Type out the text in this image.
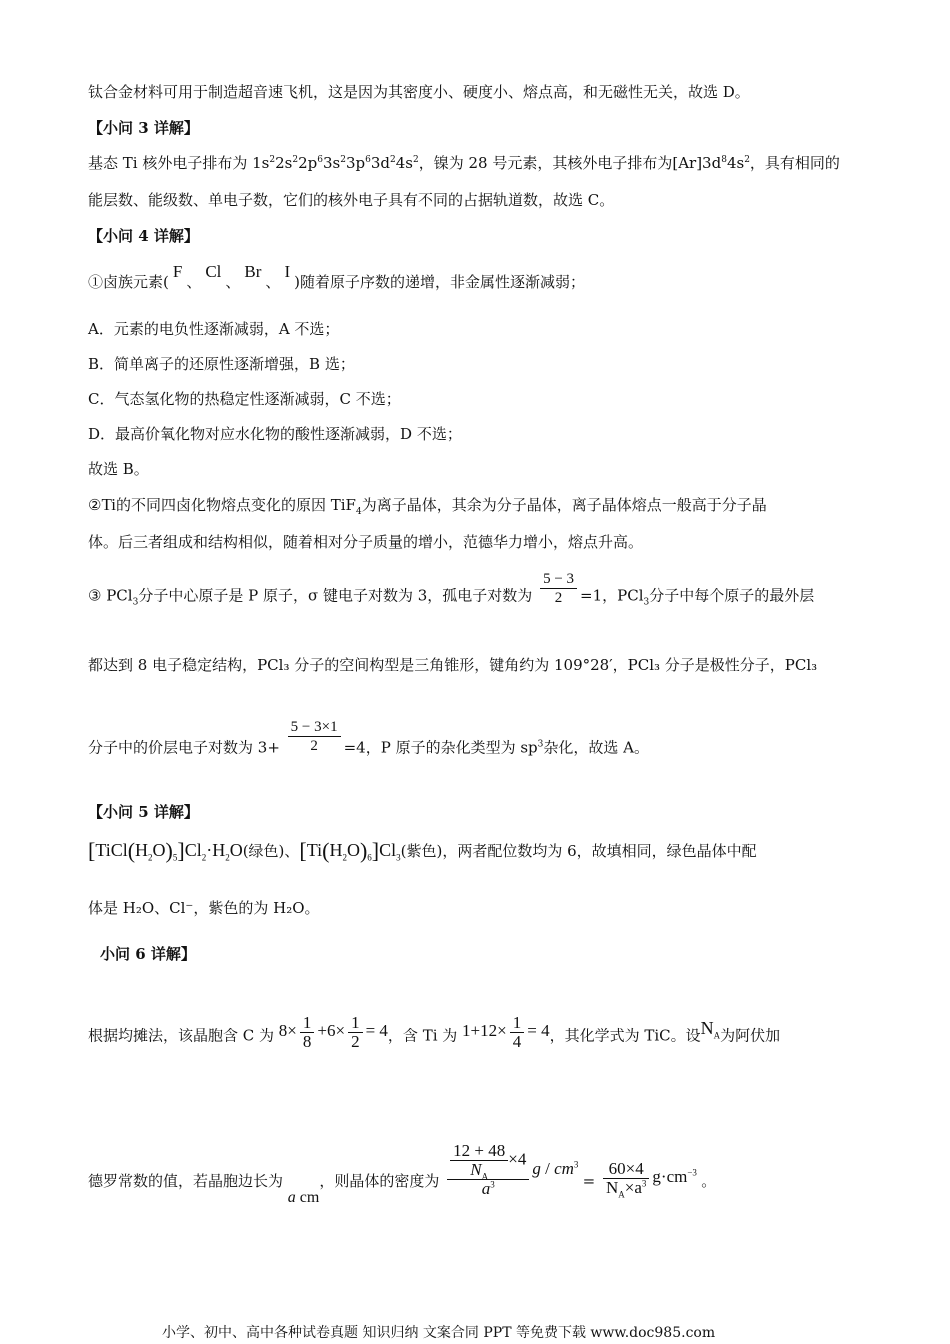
钛合金材料可用于制造超音速飞机，这是因为其密度小、硬度小、熔点高，和无磁性无关，故选 D。
【小问 3 详解】
基态 Ti 核外电子排布为 $1s^22s^22p^63s^23p^63d^24s^2$，镍为 28 号元素，其核外电子排布为$[Ar]3d^84s^2$，具有相同的
能层数、能级数、单电子数，它们的核外电子具有不同的占据轨道数，故选 C。
【小问 4 详解】
①卤族元素(F、Cl、Br、I)随着原子序数的递增，非金属性逐渐减弱；
A．元素的电负性逐渐减弱，A 不选；
B．简单离子的还原性逐渐增强，B 选；
C．气态氢化物的热稳定性逐渐减弱，C 不选；
D．最高价氧化物对应水化物的酸性逐渐减弱，D 不选；
故选 B。
②Ti的不同四卤化物熔点变化的原因 TiF$_4$为离子晶体，其余为分子晶体，离子晶体熔点一般高于分子晶
体。后三者组成和结构相似，随着相对分子质量的增小，范德华力增小，熔点升高。
③ PCl$_3$分子中心原子是 P 原子，σ 键电子对数为 3，孤电子对数为 $\frac{5 - 3}{2} =1$，PCl$_3$分子中每个原子的最外层
都达到 8 电子稳定结构，PCl₃ 分子的空间构型是三角锥形，键角约为 109°28′，PCl₃ 分子是极性分子，PCl₃
分子中的价层电子对数为 $3+ \frac{5 - 3\times 1}{2} =4$，P 原子的杂化类型为 $sp^3$杂化，故选 A。
【小问 5 详解】
$[TiCl(H_2O)_5]Cl_2\cdot H_2O$(绿色)、$[Ti(H_2O)_6]Cl_3$(紫色)，两者配位数均为 6，故填相同，绿色晶体中配
体是 H₂O、Cl⁻，紫色的为 H₂O。
小问 6 详解】
根据均摊法，该晶胞含 C 为 $8\times \frac{1}{8} +6\times \frac{1}{2} = 4$，含 Ti 为 $1+12\times \frac{1}{4} = 4$，其化学式为 TiC。设$N_A$为阿伏加
德罗常数的值，若晶胞边长为 a cm，则晶体的密度为 $\frac{\frac{12 + 48}{N_A} \times 4}{a^3}$ $g / cm^3 = \frac{60\times 4}{N_A\times a^3} g\cdot cm^{-3}$ 。
小学、初中、高中各种试卷真题 知识归纳 文案合同 PPT 等免费下载 www.doc985.com
